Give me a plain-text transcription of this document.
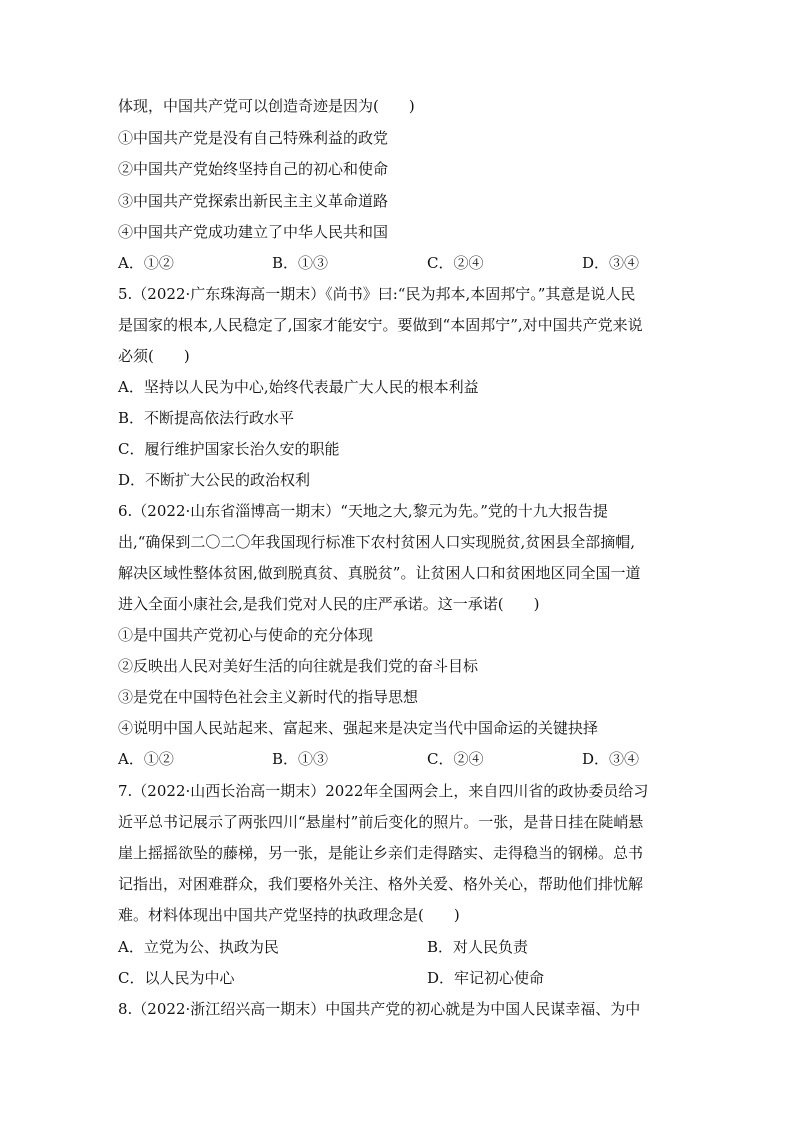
体现，中国共产党可以创造奇迹是因为(　　)
①中国共产党是没有自己特殊利益的政党
②中国共产党始终坚持自己的初心和使命
③中国共产党探索出新民主主义革命道路
④中国共产党成功建立了中华人民共和国
A．①②	B．①③	C．②④	D．③④
5.（2022·广东珠海高一期末）《尚书》曰:“民为邦本,本固邦宁。”其意是说人民
是国家的根本,人民稳定了,国家才能安宁。要做到“本固邦宁”,对中国共产党来说
必须(　　)
A．坚持以人民为中心,始终代表最广大人民的根本利益
B．不断提高依法行政水平
C．履行维护国家长治久安的职能
D．不断扩大公民的政治权利
6.（2022·山东省淄博高一期末）“天地之大,黎元为先。”党的十九大报告提
出,“确保到二〇二〇年我国现行标准下农村贫困人口实现脱贫,贫困县全部摘帽,
解决区域性整体贫困,做到脱真贫、真脱贫”。让贫困人口和贫困地区同全国一道
进入全面小康社会,是我们党对人民的庄严承诺。这一承诺(　　)
①是中国共产党初心与使命的充分体现
②反映出人民对美好生活的向往就是我们党的奋斗目标
③是党在中国特色社会主义新时代的指导思想
④说明中国人民站起来、富起来、强起来是决定当代中国命运的关键抉择
A．①②	B．①③	C．②④	D．③④
7.（2022·山西长治高一期末）2022年全国两会上，来自四川省的政协委员给习
近平总书记展示了两张四川“悬崖村”前后变化的照片。一张，是昔日挂在陡峭悬
崖上摇摇欲坠的藤梯，另一张，是能让乡亲们走得踏实、走得稳当的钢梯。总书
记指出，对困难群众，我们要格外关注、格外关爱、格外关心，帮助他们排忧解
难。材料体现出中国共产党坚持的执政理念是(　　)
A．立党为公、执政为民	B．对人民负责
C．以人民为中心	D．牢记初心使命
8.（2022·浙江绍兴高一期末）中国共产党的初心就是为中国人民谋幸福、为中
